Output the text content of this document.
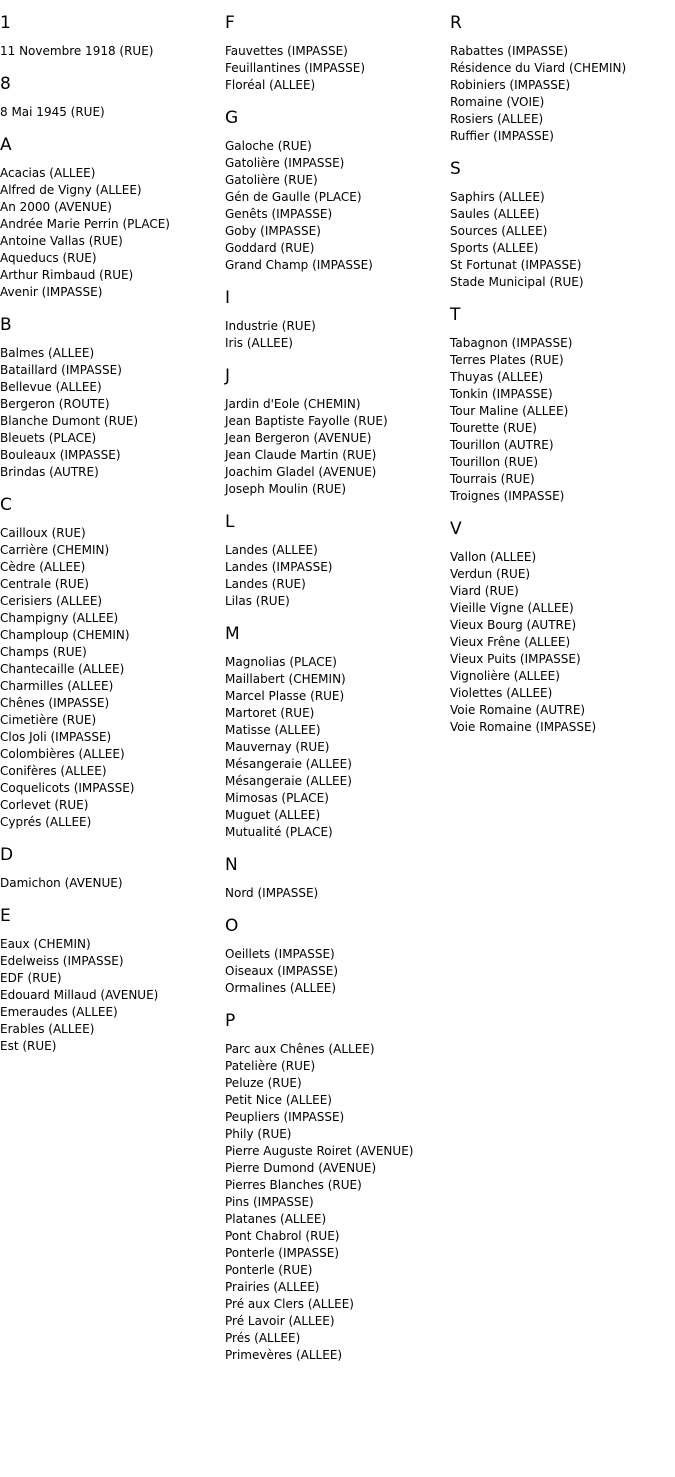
1
11 Novembre 1918 (RUE)
8
8 Mai 1945 (RUE)
A
Acacias (ALLEE)
Alfred de Vigny (ALLEE)
An 2000 (AVENUE)
Andrée Marie Perrin (PLACE)
Antoine Vallas (RUE)
Aqueducs (RUE)
Arthur Rimbaud (RUE)
Avenir (IMPASSE)
B
Balmes (ALLEE)
Bataillard (IMPASSE)
Bellevue (ALLEE)
Bergeron (ROUTE)
Blanche Dumont (RUE)
Bleuets (PLACE)
Bouleaux (IMPASSE)
Brindas (AUTRE)
C
Cailloux (RUE)
Carrière (CHEMIN)
Cèdre (ALLEE)
Centrale (RUE)
Cerisiers (ALLEE)
Champigny (ALLEE)
Champloup (CHEMIN)
Champs (RUE)
Chantecaille (ALLEE)
Charmilles (ALLEE)
Chênes (IMPASSE)
Cimetière (RUE)
Clos Joli (IMPASSE)
Colombières (ALLEE)
Conifères (ALLEE)
Coquelicots (IMPASSE)
Corlevet (RUE)
Cyprés (ALLEE)
D
Damichon (AVENUE)
E
Eaux (CHEMIN)
Edelweiss (IMPASSE)
EDF (RUE)
Edouard Millaud (AVENUE)
Emeraudes (ALLEE)
Erables (ALLEE)
Est (RUE)
F
Fauvettes (IMPASSE)
Feuillantines (IMPASSE)
Floréal (ALLEE)
G
Galoche (RUE)
Gatolière (IMPASSE)
Gatolière (RUE)
Gén de Gaulle (PLACE)
Genêts (IMPASSE)
Goby (IMPASSE)
Goddard (RUE)
Grand Champ (IMPASSE)
I
Industrie (RUE)
Iris (ALLEE)
J
Jardin d'Eole (CHEMIN)
Jean Baptiste Fayolle (RUE)
Jean Bergeron (AVENUE)
Jean Claude Martin (RUE)
Joachim Gladel (AVENUE)
Joseph Moulin (RUE)
L
Landes (ALLEE)
Landes (IMPASSE)
Landes (RUE)
Lilas (RUE)
M
Magnolias (PLACE)
Maillabert (CHEMIN)
Marcel Plasse (RUE)
Martoret (RUE)
Matisse (ALLEE)
Mauvernay (RUE)
Mésangeraie (ALLEE)
Mésangeraie (ALLEE)
Mimosas (PLACE)
Muguet (ALLEE)
Mutualité (PLACE)
N
Nord (IMPASSE)
O
Oeillets (IMPASSE)
Oiseaux (IMPASSE)
Ormalines (ALLEE)
P
Parc aux Chênes (ALLEE)
Patelière (RUE)
Peluze (RUE)
Petit Nice (ALLEE)
Peupliers (IMPASSE)
Phily (RUE)
Pierre Auguste Roiret (AVENUE)
Pierre Dumond (AVENUE)
Pierres Blanches (RUE)
Pins (IMPASSE)
Platanes (ALLEE)
Pont Chabrol (RUE)
Ponterle (IMPASSE)
Ponterle (RUE)
Prairies (ALLEE)
Pré aux Clers (ALLEE)
Pré Lavoir (ALLEE)
Prés (ALLEE)
Primevères (ALLEE)
R
Rabattes (IMPASSE)
Résidence du Viard (CHEMIN)
Robiniers (IMPASSE)
Romaine (VOIE)
Rosiers (ALLEE)
Ruffier (IMPASSE)
S
Saphirs (ALLEE)
Saules (ALLEE)
Sources (ALLEE)
Sports (ALLEE)
St Fortunat (IMPASSE)
Stade Municipal (RUE)
T
Tabagnon (IMPASSE)
Terres Plates (RUE)
Thuyas (ALLEE)
Tonkin (IMPASSE)
Tour Maline (ALLEE)
Tourette (RUE)
Tourillon (AUTRE)
Tourillon (RUE)
Tourrais (RUE)
Troignes (IMPASSE)
V
Vallon (ALLEE)
Verdun (RUE)
Viard (RUE)
Vieille Vigne (ALLEE)
Vieux Bourg (AUTRE)
Vieux Frêne (ALLEE)
Vieux Puits (IMPASSE)
Vignolière (ALLEE)
Violettes (ALLEE)
Voie Romaine (AUTRE)
Voie Romaine (IMPASSE)
